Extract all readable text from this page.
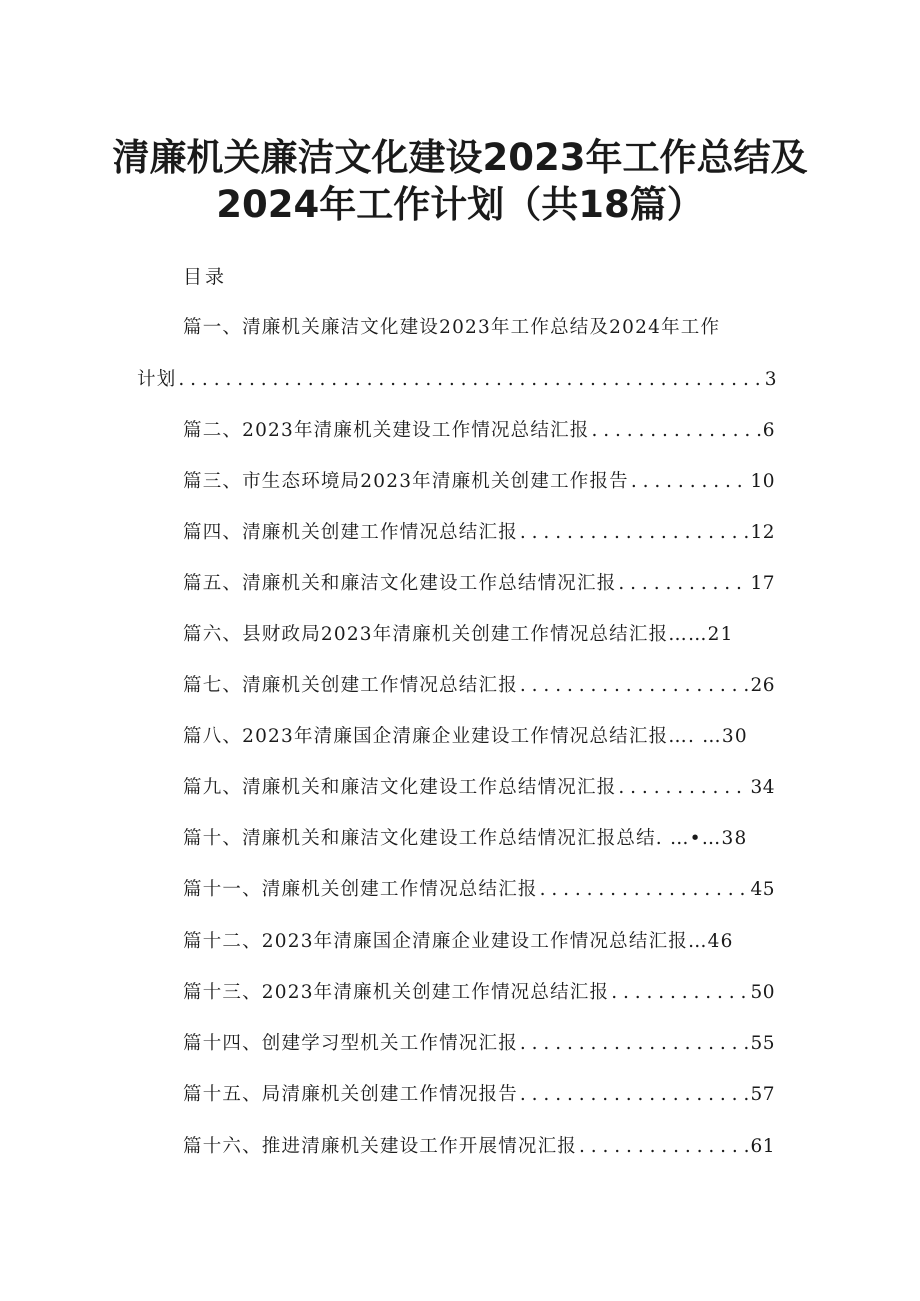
清廉机关廉洁文化建设2023年工作总结及
2024年工作计划（共18篇）
目录
篇一、清廉机关廉洁文化建设2023年工作总结及2024年工作
计划 . . .	3
篇二、2023年清廉机关建设工作情况总结汇报 . . .	6
篇三、市生态环境局2023年清廉机关创建工作报告 . . .	10
篇四、清廉机关创建工作情况总结汇报 . . .	12
篇五、清廉机关和廉洁文化建设工作总结情况汇报 . . .	17
篇六、县财政局2023年清廉机关创建工作情况总结汇报……21
篇七、清廉机关创建工作情况总结汇报 . . .	26
篇八、2023年清廉国企清廉企业建设工作情况总结汇报…. …30
篇九、清廉机关和廉洁文化建设工作总结情况汇报 . . .	34
篇十、清廉机关和廉洁文化建设工作总结情况汇报总结. …•…38
篇十一、清廉机关创建工作情况总结汇报 . . .	45
篇十二、2023年清廉国企清廉企业建设工作情况总结汇报…46
篇十三、2023年清廉机关创建工作情况总结汇报 . . .	50
篇十四、创建学习型机关工作情况汇报 . . .	55
篇十五、局清廉机关创建工作情况报告 . . .	57
篇十六、推进清廉机关建设工作开展情况汇报 . . .	61
